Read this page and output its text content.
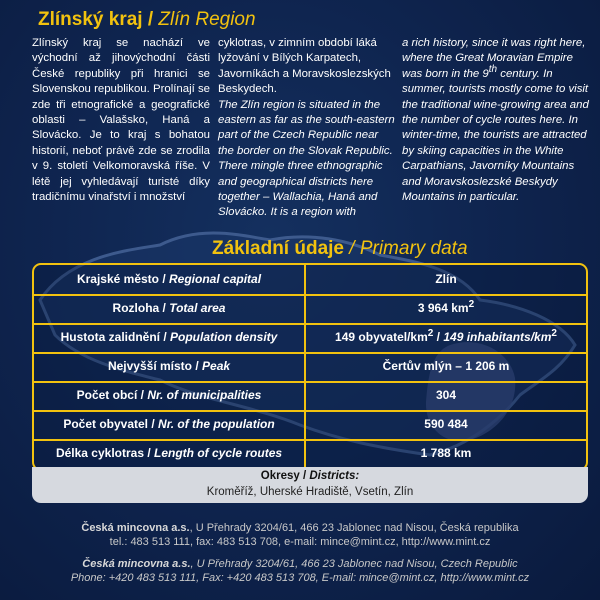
Zlínský kraj / Zlín Region
Zlínský kraj se nachází ve východní až jihovýchodní části České republiky při hranici se Slovenskou republikou. Prolínají se zde tři etnografické a geografické oblasti – Valašsko, Haná a Slovácko. Je to kraj s bohatou historií, neboť právě zde se zrodila v 9. století Velkomoravská říše. V létě jej vyhledávají turisté díky tradičnímu vinařství i množství
cyklotras, v zimním období láká lyžování v Bílých Karpatech, Javorníkách a Moravskoslezských Beskydech.
The Zlín region is situated in the eastern as far as the south-eastern part of the Czech Republic near the border on the Slovak Republic. There mingle three ethnographic and geographical districts here together – Wallachia, Haná and Slovácko. It is a region with
a rich history, since it was right here, where the Great Moravian Empire was born in the 9th century. In summer, tourists mostly come to visit the traditional wine-growing area and the number of cycle routes here. In winter-time, the tourists are attracted by skiing capacities in the White Carpathians, Javorníky Mountains and Moravskoslezské Beskydy Mountains in particular.
Základní údaje / Primary data
Krajské město / Regional capital	Zlín
Rozloha / Total area	3 964 $km^2$
Hustota zalidnění / Population density	149 obyvatel/$km^2 / 149$ inhabitants/$km^2$
Nejvyšší místo / Peak	Čertův mlýn – 1 206 m
Počet obcí / Nr. of municipalities	304
Počet obyvatel / Nr. of the population	590 484
Délka cyklotras / Length of cycle routes	1 788 km
Okresy / Districts:
Kroměříž, Uherské Hradiště, Vsetín, Zlín
Česká mincovna a.s., U Přehrady 3204/61, 466 23 Jablonec nad Nisou, Česká republika
tel.: 483 513 111, fax: 483 513 708, e-mail: mince@mint.cz, http://www.mint.cz
Česká mincovna a.s., U Přehrady 3204/61, 466 23 Jablonec nad Nisou, Czech Republic
Phone: +420 483 513 111, Fax: +420 483 513 708, E-mail: mince@mint.cz, http://www.mint.cz
